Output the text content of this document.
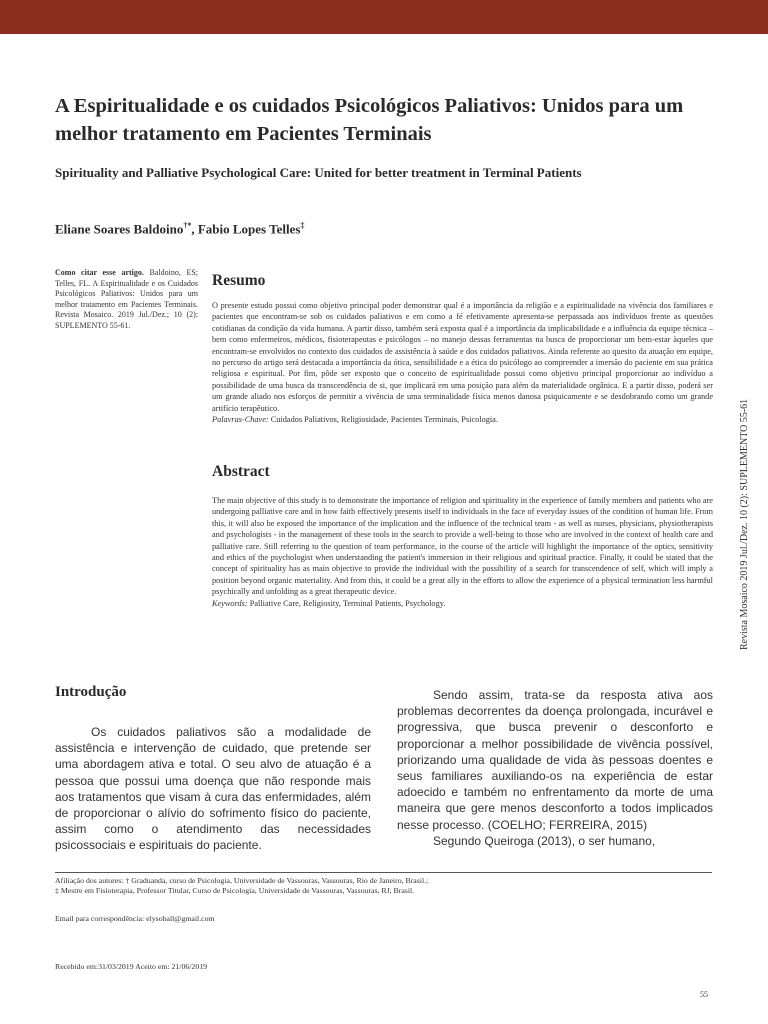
A Espiritualidade e os cuidados Psicológicos Paliativos: Unidos para um melhor tratamento em Pacientes Terminais
Spirituality and Palliative Psychological Care: United for better treatment in Terminal Patients

Eliane Soares Baldoino†*, Fabio Lopes Telles‡

Como citar esse artigo. Baldoino, ES; Telles, FL. A Espiritualidade e os Cuidados Psicológicos Paliativos: Unidos para um melhor tratamento em Pacientes Terminais. Revista Mosaico. 2019 Jul./Dez.; 10 (2): SUPLEMENTO 55-61.
Resumo

O presente estudo possui como objetivo principal poder demonstrar qual é a importância da religião e a espiritualidade na vivência dos familiares e pacientes que encontram-se sob os cuidados paliativos e em como a fé efetivamente apresenta-se perpassada aos indivíduos frente as questões cotidianas da condição da vida humana. A partir disso, também será exposta qual é a importância da implicabilidade e a influência da equipe técnica – bem como enfermeiros, médicos, fisioterapeutas e psicólogos – no manejo dessas ferramentas na busca de proporcionar um bem-estar àqueles que encontram-se envolvidos no contexto dos cuidados de assistência à saúde e dos cuidados paliativos. Ainda referente ao quesito da atuação em equipe, no percurso do artigo será destacada a importância da ótica, sensibilidade e a ética do psicólogo ao compreender a imersão do paciente em sua prática religiosa e espiritual. Por fim, pôde ser exposto que o conceito de espiritualidade possui como objetivo principal proporcionar ao indivíduo a possibilidade de uma busca da transcendência de si, que implicará em uma posição para além da materialidade orgânica. E a partir disso, poderá ser um grande aliado nos esforços de permitir a vivência de uma terminalidade física menos danosa psiquicamente e se desdobrando como um grande artifício terapêutico.

Palavras-Chave: Cuidados Paliativos, Religiosidade, Pacientes Terminais, Psicologia.

Abstract

The main objective of this study is to demonstrate the importance of religion and spirituality in the experience of family members and patients who are undergoing palliative care and in how faith effectively presents itself to individuals in the face of everyday issues of the condition of human life. From this, it will also be exposed the importance of the implication and the influence of the technical team - as well as nurses, physicians, physiotherapists and psychologists - in the management of these tools in the search to provide a well-being to those who are involved in the context of health care and palliative care. Still referring to the question of team performance, in the course of the article will highlight the importance of the optics, sensitivity and ethics of the psychologist when understanding the patient's immersion in their religious and spiritual practice. Finally, it could be stated that the concept of spirituality has as main objective to provide the individual with the possibility of a search for transcendence of self, which will imply a position beyond organic materiality. And from this, it could be a great ally in the efforts to allow the experience of a physical termination less harmful psychically and unfolding as a great therapeutic device.

Keywords: Palliative Care, Religiosity, Terminal Patients, Psychology.	Revista Mosaico 2019 Jul./Dez. 10 (2): SUPLEMENTO 55-61
Introdução

Os cuidados paliativos são a modalidade de assistência e intervenção de cuidado, que pretende ser uma abordagem ativa e total. O seu alvo de atuação é a pessoa que possui uma doença que não responde mais aos tratamentos que visam à cura das enfermidades, além de proporcionar o alívio do sofrimento físico do paciente, assim como o atendimento das necessidades psicossociais e espirituais do paciente.

Sendo assim, trata-se da resposta ativa aos problemas decorrentes da doença prolongada, incurável e progressiva, que busca prevenir o desconforto e proporcionar a melhor possibilidade de vivência possível, priorizando uma qualidade de vida às pessoas doentes e seus familiares auxiliando-os na experiência de estar adoecido e também no enfrentamento da morte de uma maneira que gere menos desconforto a todos implicados nesse processo. (COELHO; FERREIRA, 2015)

Segundo Queiroga (2013), o ser humano,

Afiliação dos autores: † Graduanda, curso de Psicologia, Universidade de Vassouras, Vassouras, Rio de Janeiro, Brasil.;
‡ Mestre em Fisioterapia, Professor Titular, Curso de Psicologia, Universidade de Vassouras, Vassouras, RJ, Brasil.
Email para correspondência: elysoball@gmail.com
Recebido em:31/03/2019 Aceito em: 21/06/2019
55
